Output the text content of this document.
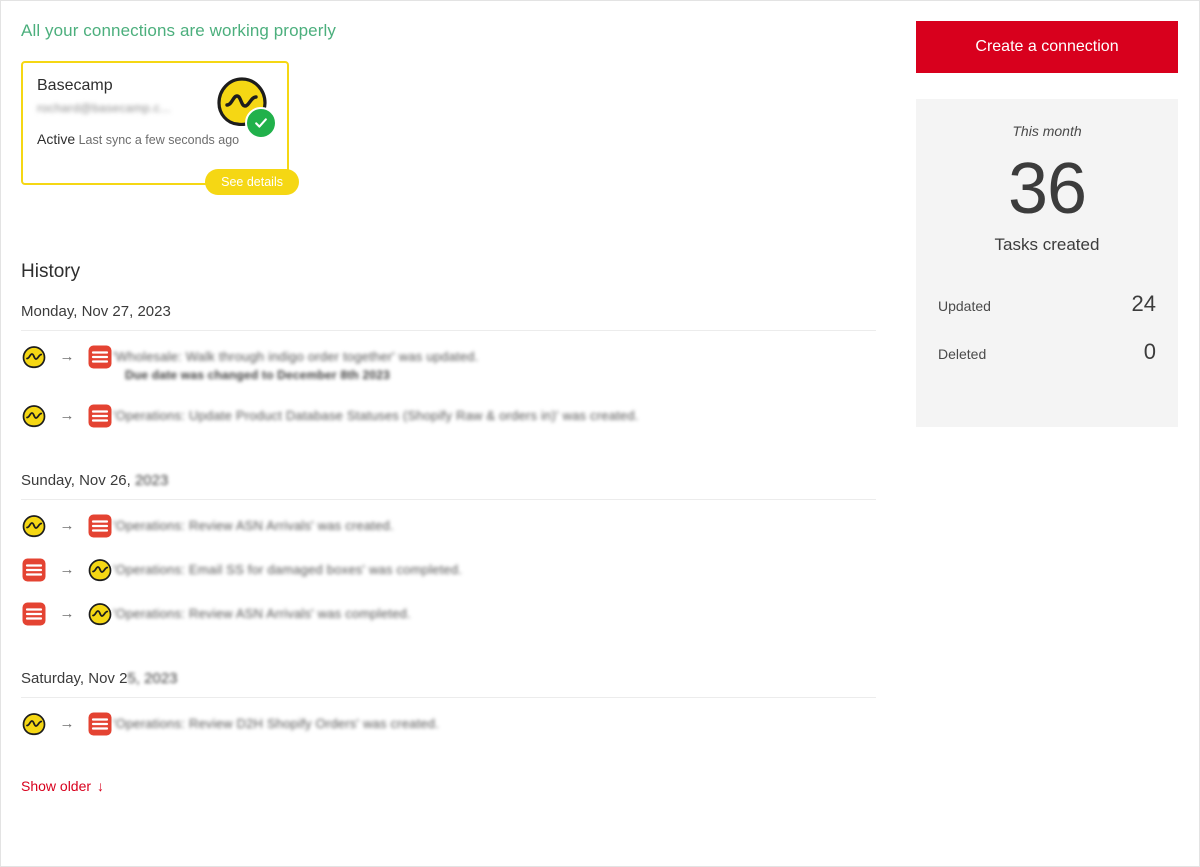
All your connections are working properly
Basecamp
rochard@basecamp.c...
Active Last sync a few seconds ago
See details
History
Monday, Nov 27, 2023
→	'Wholesale: Walk through indigo order together' was updated.
Due date was changed to December 8th 2023
→	'Operations: Update Product Database Statuses (Shopify Raw & orders in)' was created.
Sunday, Nov 26, 2023
→	'Operations: Review ASN Arrivals' was created.
→	'Operations: Email SS for damaged boxes' was completed.
→	'Operations: Review ASN Arrivals' was completed.
Saturday, Nov 25, 2023
→	'Operations: Review D2H Shopify Orders' was created.
Show older ↓
Create a connection
This month
36
Tasks created
Updated	24
Deleted	0
